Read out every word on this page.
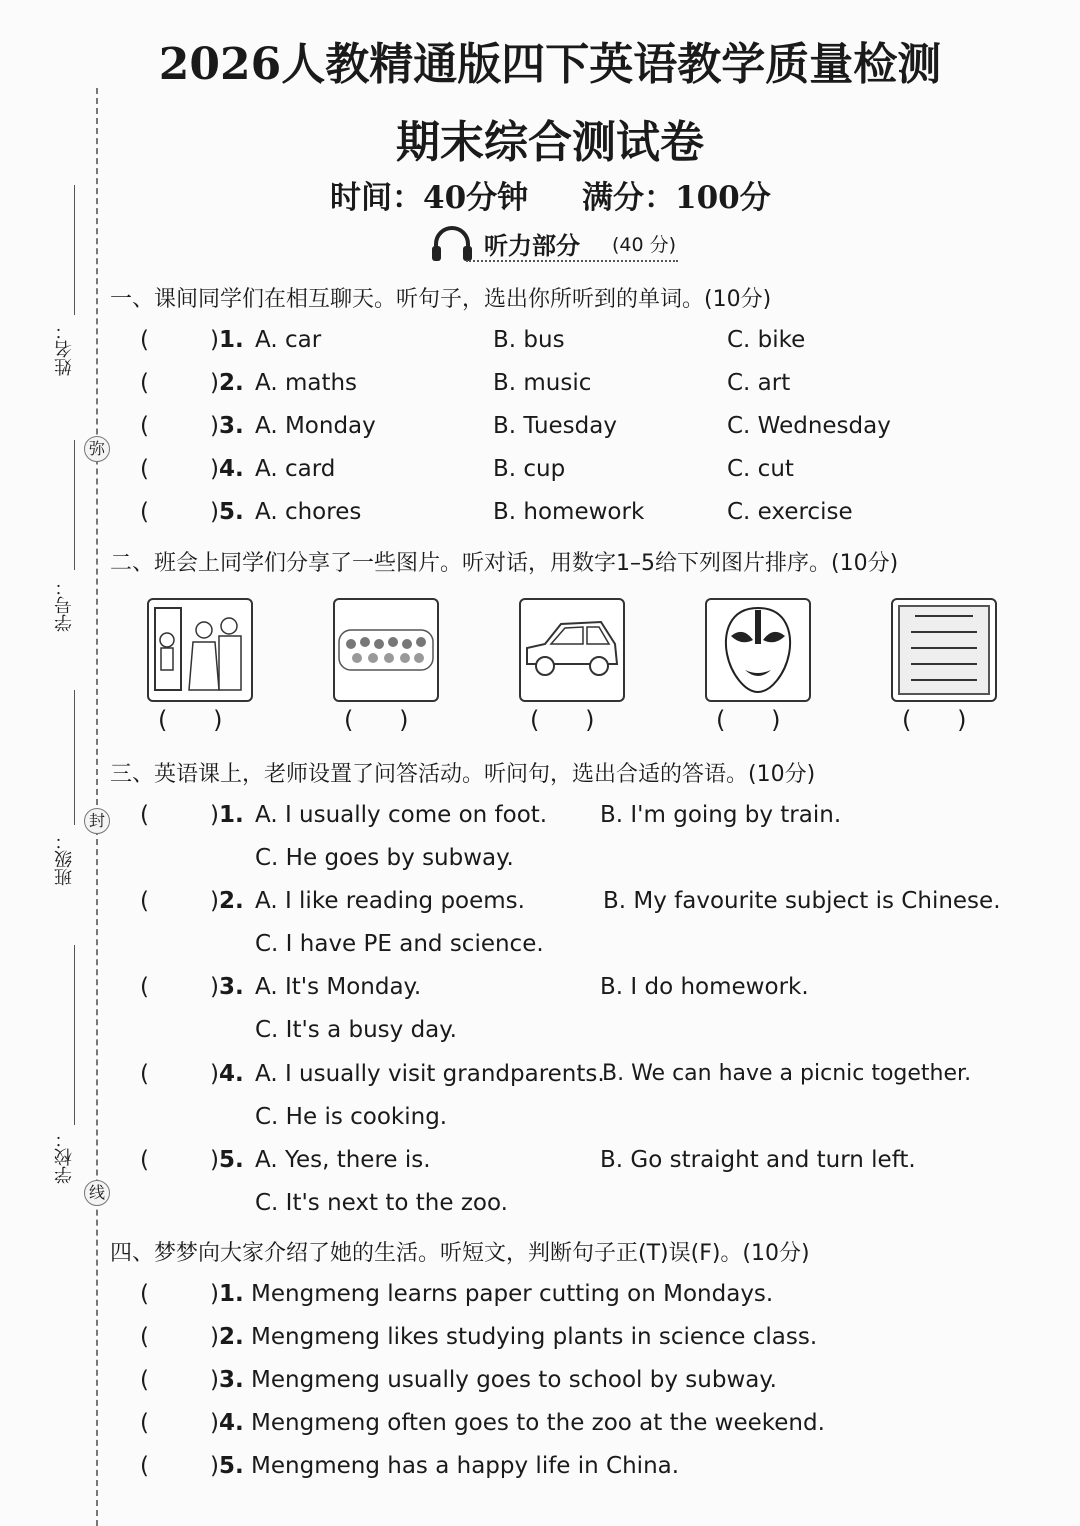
姓名：
学号：
班级：
学校：
弥
封
线
2026人教精通版四下英语教学质量检测
期末综合测试卷
时间：40分钟 满分：100分
听力部分 (40 分)
一、课间同学们在相互聊天。听句子，选出你所听到的单词。(10分)
(	)1. A. car	B. bus	C. bike
(	)2. A. maths	B. music	C. art
(	)3. A. Monday	B. Tuesday	C. Wednesday
(	)4. A. card	B. cup	C. cut
(	)5. A. chores	B. homework	C. exercise
二、班会上同学们分享了一些图片。听对话，用数字1–5给下列图片排序。(10分)
(      )	(      )	(      )	(      )	(      )
三、英语课上，老师设置了问答活动。听问句，选出合适的答语。(10分)
(	)1. A. I usually come on foot. B. I'm going by train.
C. He goes by subway.
(	)2. A. I like reading poems.	B. My favourite subject is Chinese.
C. I have PE and science.
(	)3. A. It's Monday.	B. I do homework.
C. It's a busy day.
(	)4. A. I usually visit grandparents.
B. We can have a picnic together.
C. He is cooking.
(	)5. A. Yes, there is.	B. Go straight and turn left.
C. It's next to the zoo.
四、梦梦向大家介绍了她的生活。听短文，判断句子正(T)误(F)。(10分)
(	)1. Mengmeng learns paper cutting on Mondays.
(	)2. Mengmeng likes studying plants in science class.
(	)3. Mengmeng usually goes to school by subway.
(	)4. Mengmeng often goes to the zoo at the weekend.
(	)5. Mengmeng has a happy life in China.
